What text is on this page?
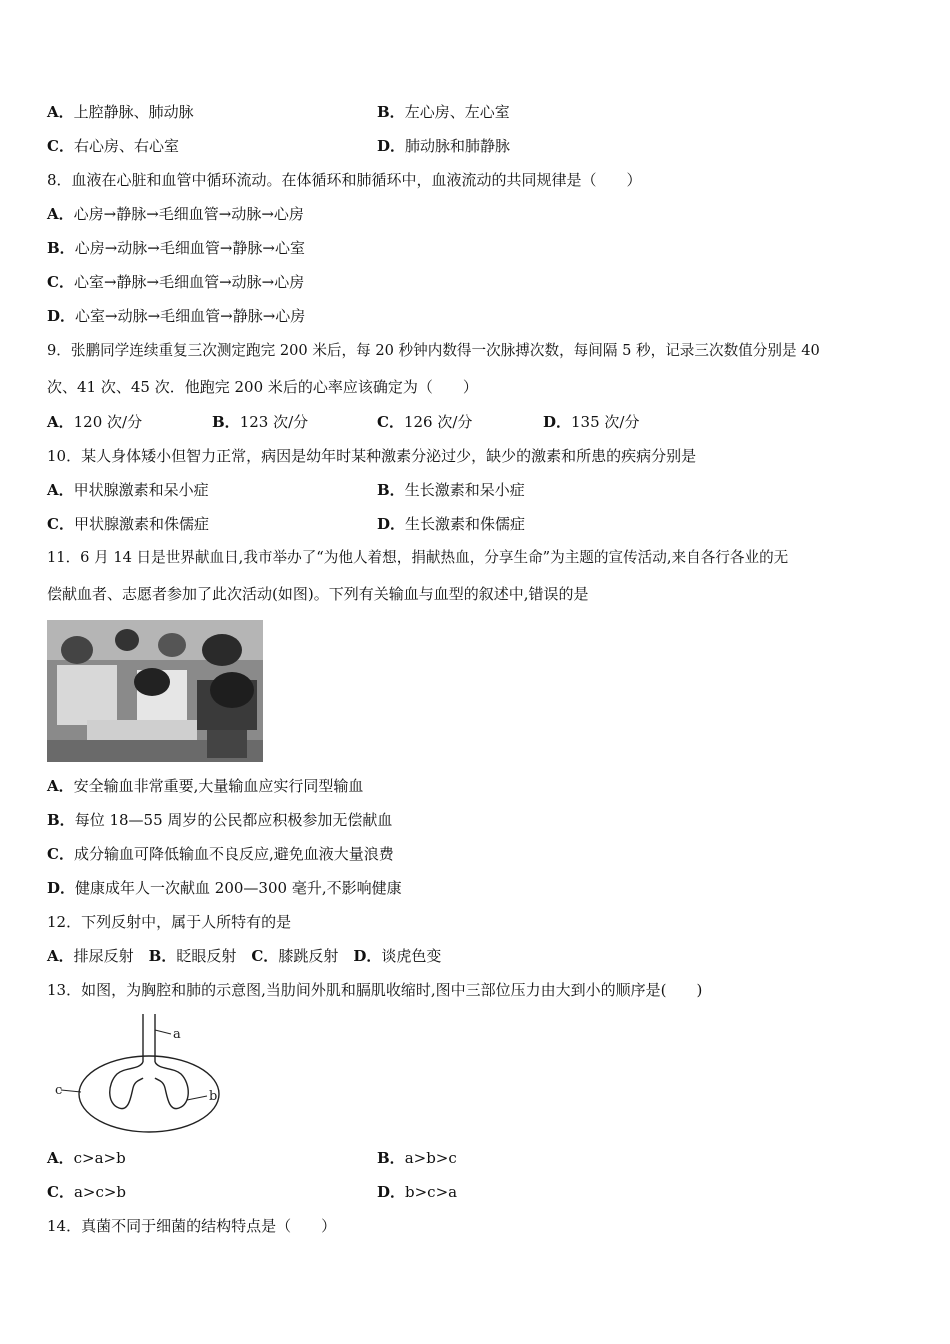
A．上腔静脉、肺动脉	B．左心房、左心室
C．右心房、右心室	D．肺动脉和肺静脉
8．血液在心脏和血管中循环流动。在体循环和肺循环中，血液流动的共同规律是（　　）
A．心房→静脉→毛细血管→动脉→心房
B．心房→动脉→毛细血管→静脉→心室
C．心室→静脉→毛细血管→动脉→心房
D．心室→动脉→毛细血管→静脉→心房
9．张鹏同学连续重复三次测定跑完 200 米后，每 20 秒钟内数得一次脉搏次数，每间隔 5 秒，记录三次数值分别是 40
次、41 次、45 次．他跑完 200 米后的心率应该确定为（　　）
A．120 次/分	B．123 次/分	C．126 次/分	D．135 次/分
10．某人身体矮小但智力正常，病因是幼年时某种激素分泌过少，缺少的激素和所患的疾病分别是
A．甲状腺激素和呆小症	B．生长激素和呆小症
C．甲状腺激素和侏儒症	D．生长激素和侏儒症
11．6 月 14 日是世界献血日,我市举办了“为他人着想，捐献热血，分享生命”为主题的宣传活动,来自各行各业的无
偿献血者、志愿者参加了此次活动(如图)。下列有关输血与血型的叙述中,错误的是
A．安全输血非常重要,大量输血应实行同型输血
B．每位 18—55 周岁的公民都应积极参加无偿献血
C．成分输血可降低输血不良反应,避免血液大量浪费
D．健康成年人一次献血 200—300 毫升,不影响健康
12．下列反射中，属于人所特有的是
A．排尿反射  B．眨眼反射  C．膝跳反射  D．谈虎色变
13．如图，为胸腔和肺的示意图,当肋间外肌和膈肌收缩时,图中三部位压力由大到小的顺序是(　　)
a
c	b
A．c>a>b	B．a>b>c
C．a>c>b	D．b>c>a
14．真菌不同于细菌的结构特点是（　　）
